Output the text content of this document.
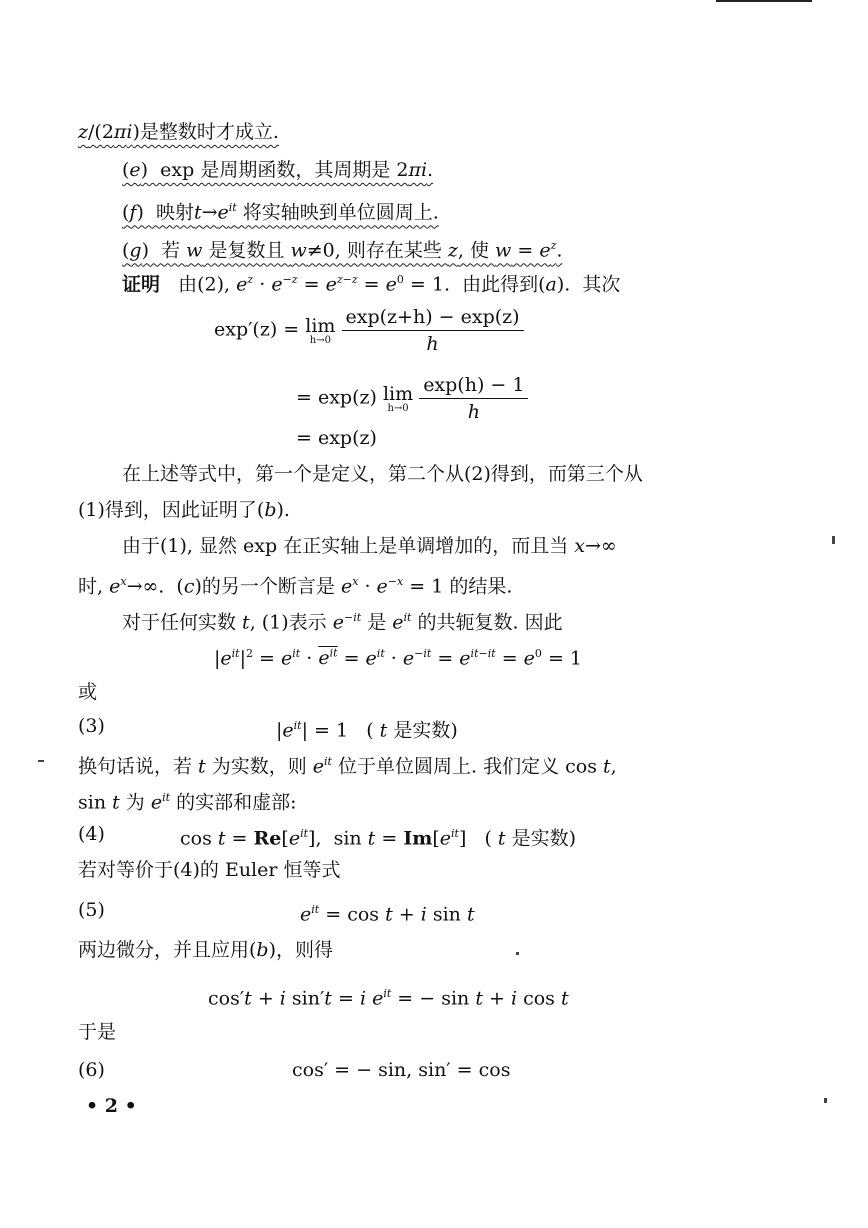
z/(2πi)是整数时才成立.
(e)  exp 是周期函数，其周期是 2πi.
(f)  映射$t\to e^{it}$ 将实轴映到单位圆周上.
(g)  若 w 是复数且 w≠0, 则存在某些 z, 使 $w = e^z$.
证明   由(2), $e^z \cdot e^{-z} = e^{z-z} = e^0 = 1$.  由此得到(a).  其次
exp′(z) = lim
h→0
$\frac{\exp(z+h) - \exp(z)}{h}$
= exp(z) lim
h→0
$\frac{\exp(h) - 1}{h}$
= exp(z)
在上述等式中，第一个是定义，第二个从(2)得到，而第三个从
(1)得到，因此证明了(b).
由于(1), 显然 exp 在正实轴上是单调增加的，而且当 x→∞
时, $e^x\to\infty$.  (c)的另一个断言是 $e^x \cdot e^{-x} = 1$ 的结果.
对于任何实数 t, (1)表示 $e^{-it}$ 是 $e^{it}$ 的共轭复数. 因此
$|e^{it}|^2 = e^{it} \cdot e^{it} = e^{it} \cdot e^{-it} = e^{it-it} = e^0 = 1$
或
(3)	$|e^{it}| = 1$   ( t 是实数)
换句话说，若 t 为实数，则 $e^{it}$ 位于单位圆周上. 我们定义 cos t,
sin t 为 $e^{it}$ 的实部和虚部:
(4)	$\cos t = Re[e^{it}]$,  $\sin t = Im[e^{it}]$   ( t 是实数)
若对等价于(4)的 Euler 恒等式
(5)	$e^{it} = \cos t + i$ sin t
两边微分，并且应用(b)，则得
cos′t + i sin′t = i $e^{it}$ = − sin t + i cos t
于是
(6)	cos′ = − sin, sin′ = cos
• 2 •
